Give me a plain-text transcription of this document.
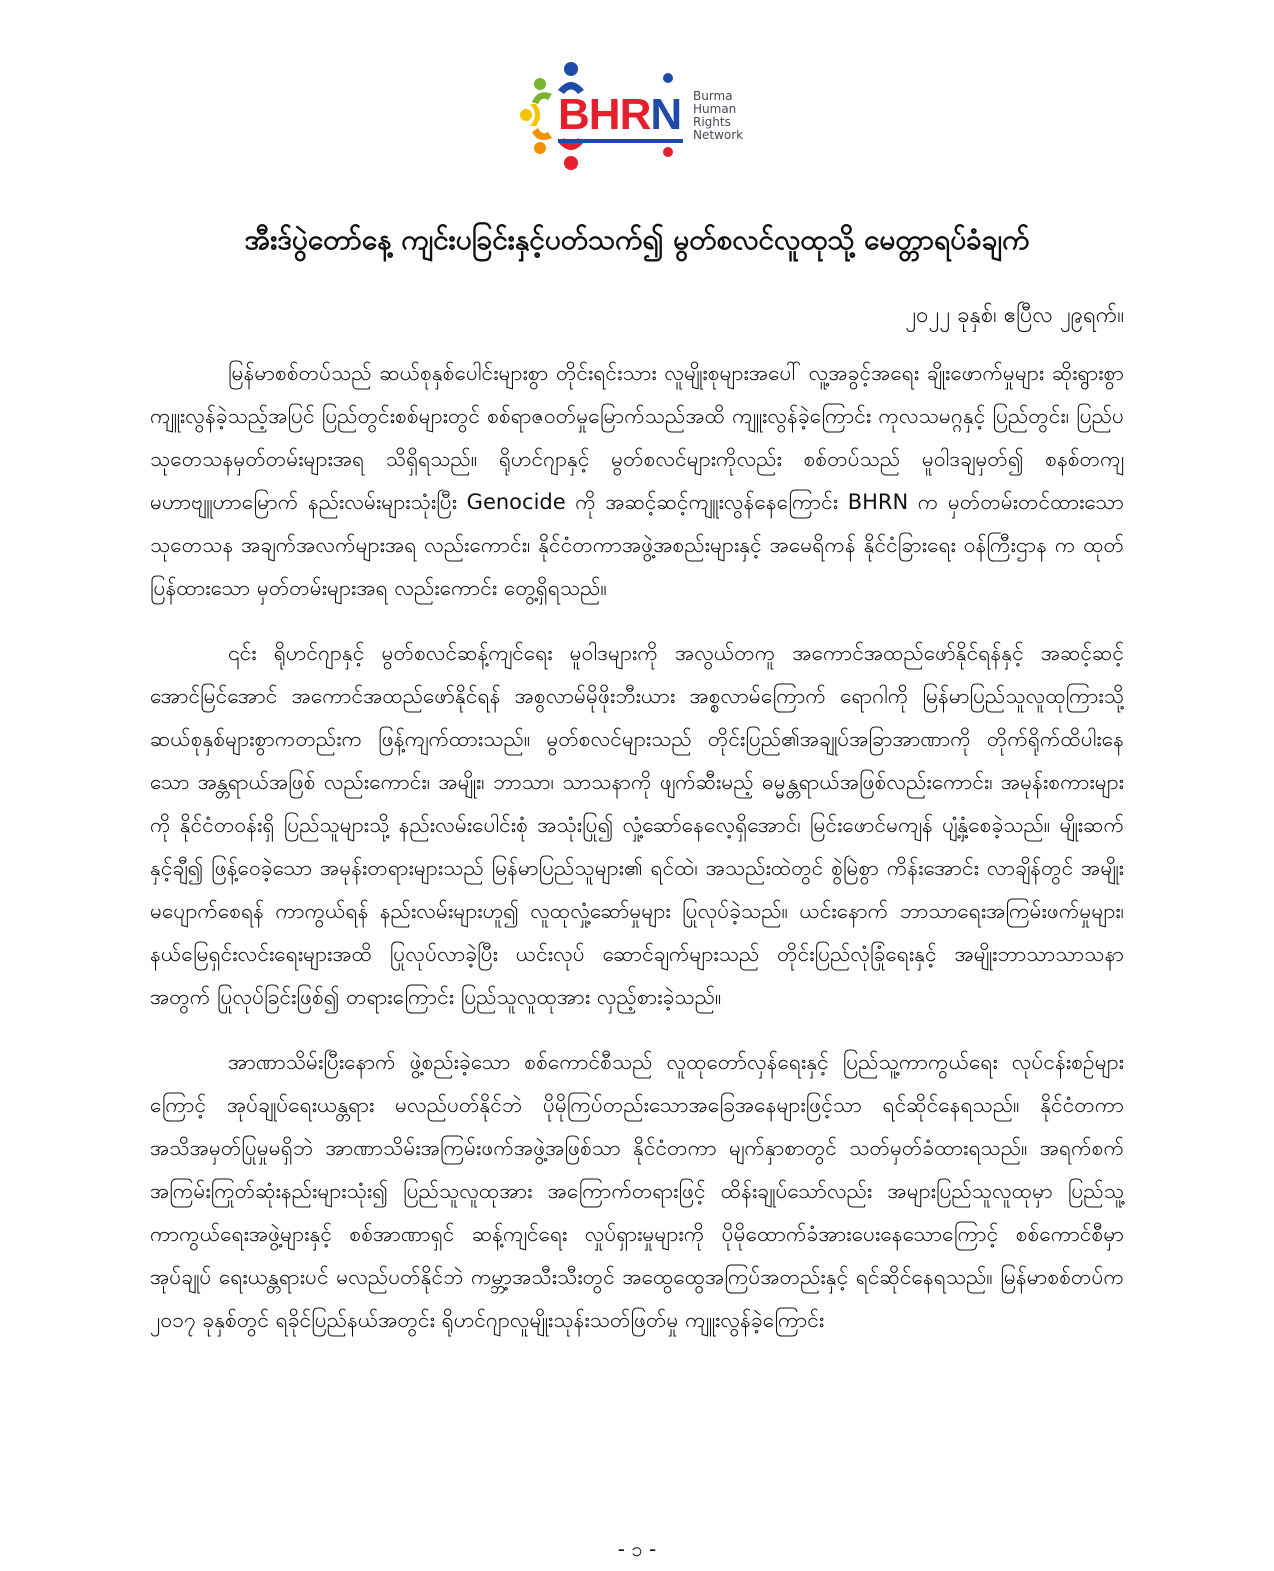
BHRN Burma
Human
Rights
Network
အီးဒ်ပွဲတော်နေ့ ကျင်းပခြင်းနှင့်ပတ်သက်၍ မွတ်စလင်လူထုသို့ မေတ္တာရပ်ခံချက်
၂၀၂၂ ခုနှစ်၊ ဧပြီလ ၂၉ရက်။

မြန်မာစစ်တပ်သည် ဆယ်စုနှစ်ပေါင်းများစွာ တိုင်းရင်းသား လူမျိုးစုများအပေါ် လူ့အခွင့်အရေး ချိုးဖောက်မှုများ ဆိုးရွားစွာ ကျူးလွန်ခဲ့သည့်အပြင် ပြည်တွင်းစစ်များတွင် စစ်ရာဇဝတ်မှုမြောက်သည်အထိ ကျူးလွန်ခဲ့ကြောင်း ကုလသမဂ္ဂနှင့် ပြည်တွင်း၊ ပြည်ပ သုတေသနမှတ်တမ်းများအရ သိရှိရသည်။ ရိုဟင်ဂျာနှင့် မွတ်စလင်များကိုလည်း စစ်တပ်သည် မူဝါဒချမှတ်၍ စနစ်တကျ မဟာဗျူဟာမြောက် နည်းလမ်းများသုံးပြီး Genocide ကို အဆင့်ဆင့်ကျူးလွန်နေကြောင်း BHRN က မှတ်တမ်းတင်ထားသော သုတေသန အချက်အလက်များအရ လည်းကောင်း၊ နိုင်ငံတကာအဖွဲ့အစည်းများနှင့် အမေရိကန် နိုင်ငံခြားရေး ဝန်ကြီးဌာန က ထုတ်ပြန်ထားသော မှတ်တမ်းများအရ လည်းကောင်း တွေ့ရှိရသည်။

၎င်း ရိုဟင်ဂျာနှင့် မွတ်စလင်ဆန့်ကျင်ရေး မူဝါဒများကို အလွယ်တကူ အကောင်အထည်ဖော်နိုင်ရန်နှင့် အဆင့်ဆင့် အောင်မြင်အောင် အကောင်အထည်ဖော်နိုင်ရန် အစွလာမ်မိုဖိုးဘီးယား အစ္စလာမ်ကြောက် ရောဂါကို မြန်မာပြည်သူလူထုကြားသို့ ဆယ်စုနှစ်များစွာကတည်းက ဖြန့်ကျက်ထားသည်။ မွတ်စလင်များသည် တိုင်းပြည်၏အချုပ်အခြာအာဏာကို တိုက်ရိုက်ထိပါးနေသော အန္တရာယ်အဖြစ် လည်းကောင်း၊ အမျိုး၊ ဘာသာ၊ သာသနာကို ဖျက်ဆီးမည့် ဓမ္မန္တရာယ်အဖြစ်လည်းကောင်း၊ အမုန်းစကားများကို နိုင်ငံတဝန်းရှိ ပြည်သူများသို့ နည်းလမ်းပေါင်းစုံ အသုံးပြု၍ လှုံ့ဆော်နေလေ့ရှိအောင်၊ မြင်းဖောင်မကျန် ပျံ့နှံ့စေခဲ့သည်။ မျိုးဆက်နှင့်ချီ၍ ဖြန့်ဝေခဲ့သော အမုန်းတရားများသည် မြန်မာပြည်သူများ၏ ရင်ထဲ၊ အသည်းထဲတွင် စွဲမြဲစွာ ကိန်းအောင်း လာချိန်တွင် အမျိုးမပျောက်စေရန် ကာကွယ်ရန် နည်းလမ်းများဟူ၍ လူထုလှုံ့ဆော်မှုများ ပြုလုပ်ခဲ့သည်။ ယင်းနောက် ဘာသာရေးအကြမ်းဖက်မှုများ၊ နယ်မြေရှင်းလင်းရေးများအထိ ပြုလုပ်လာခဲ့ပြီး ယင်းလုပ် ဆောင်ချက်များသည် တိုင်းပြည်လုံခြုံရေးနှင့် အမျိုးဘာသာသာသနာအတွက် ပြုလုပ်ခြင်းဖြစ်၍ တရားကြောင်း ပြည်သူလူထုအား လှည့်စားခဲ့သည်။

အာဏာသိမ်းပြီးနောက် ဖွဲ့စည်းခဲ့သော စစ်ကောင်စီသည် လူထုတော်လှန်ရေးနှင့် ပြည်သူ့ကာကွယ်ရေး လုပ်ငန်းစဉ်များကြောင့် အုပ်ချုပ်ရေးယန္တရား မလည်ပတ်နိုင်ဘဲ ပိုမိုကြပ်တည်းသောအခြေအနေများဖြင့်သာ ရင်ဆိုင်နေရသည်။ နိုင်ငံတကာ အသိအမှတ်ပြုမှုမရှိဘဲ အာဏာသိမ်းအကြမ်းဖက်အဖွဲ့အဖြစ်သာ နိုင်ငံတကာ မျက်နှာစာတွင် သတ်မှတ်ခံထားရသည်။ အရက်စက်အကြမ်းကြုတ်ဆုံးနည်းများသုံး၍ ပြည်သူလူထုအား အကြောက်တရားဖြင့် ထိန်းချုပ်သော်လည်း အများပြည်သူလူထုမှာ ပြည်သူ့ကာကွယ်ရေးအဖွဲ့များနှင့် စစ်အာဏာရှင် ဆန့်ကျင်ရေး လှုပ်ရှားမှုများကို ပိုမိုထောက်ခံအားပေးနေသောကြောင့် စစ်ကောင်စီမှာ အုပ်ချုပ် ရေးယန္တရားပင် မလည်ပတ်နိုင်ဘဲ ကမ္ဘာ့အသီးသီးတွင် အထွေထွေအကြပ်အတည်းနှင့် ရင်ဆိုင်နေရသည်။ မြန်မာစစ်တပ်က ၂၀၁၇ ခုနှစ်တွင် ရခိုင်ပြည်နယ်အတွင်း ရိုဟင်ဂျာလူမျိုးသုန်းသတ်ဖြတ်မှု ကျူးလွန်ခဲ့ကြောင်း

- ၁ -
